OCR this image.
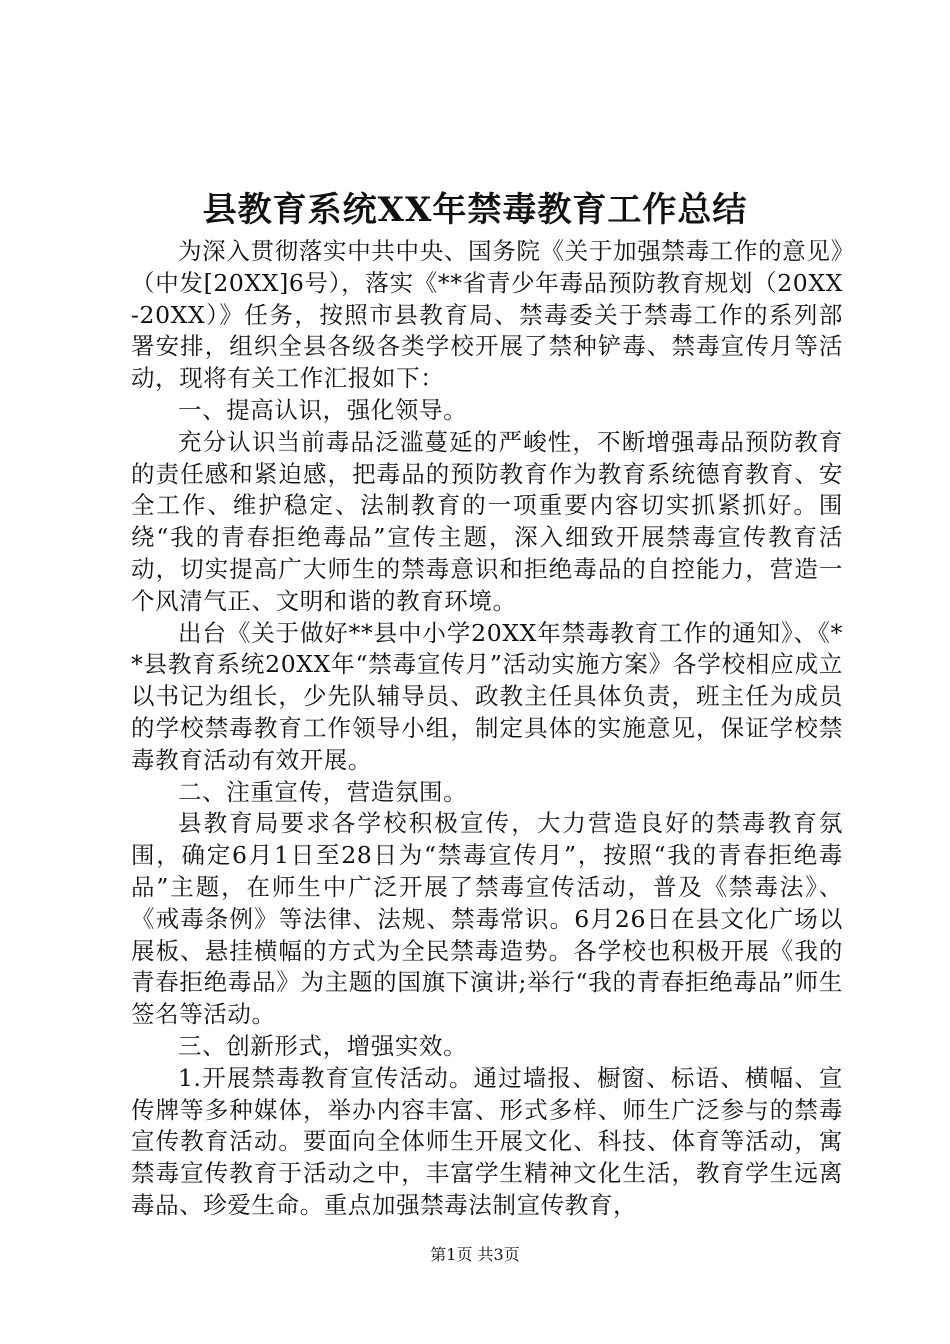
县教育系统XX年禁毒教育工作总结

为深入贯彻落实中共中央、国务院《关于加强禁毒工作的意见》（中发[20XX]6号），落实《**省青少年毒品预防教育规划（20XX-20XX）》任务，按照市县教育局、禁毒委关于禁毒工作的系列部署安排，组织全县各级各类学校开展了禁种铲毒、禁毒宣传月等活动，现将有关工作汇报如下：

一、提高认识，强化领导。

充分认识当前毒品泛滥蔓延的严峻性，不断增强毒品预防教育的责任感和紧迫感，把毒品的预防教育作为教育系统德育教育、安全工作、维护稳定、法制教育的一项重要内容切实抓紧抓好。围绕“我的青春拒绝毒品”宣传主题，深入细致开展禁毒宣传教育活动，切实提高广大师生的禁毒意识和拒绝毒品的自控能力，营造一个风清气正、文明和谐的教育环境。

出台《关于做好**县中小学20XX年禁毒教育工作的通知》、《**县教育系统20XX年“禁毒宣传月”活动实施方案》各学校相应成立以书记为组长，少先队辅导员、政教主任具体负责，班主任为成员的学校禁毒教育工作领导小组，制定具体的实施意见，保证学校禁毒教育活动有效开展。

二、注重宣传，营造氛围。

县教育局要求各学校积极宣传，大力营造良好的禁毒教育氛围，确定6月1日至28日为“禁毒宣传月”，按照“我的青春拒绝毒品”主题，在师生中广泛开展了禁毒宣传活动，普及《禁毒法》、《戒毒条例》等法律、法规、禁毒常识。6月26日在县文化广场以展板、悬挂横幅的方式为全民禁毒造势。各学校也积极开展《我的青春拒绝毒品》为主题的国旗下演讲;举行“我的青春拒绝毒品”师生签名等活动。

三、创新形式，增强实效。

1.开展禁毒教育宣传活动。通过墙报、橱窗、标语、横幅、宣传牌等多种媒体，举办内容丰富、形式多样、师生广泛参与的禁毒宣传教育活动。要面向全体师生开展文化、科技、体育等活动，寓禁毒宣传教育于活动之中，丰富学生精神文化生活，教育学生远离毒品、珍爱生命。重点加强禁毒法制宣传教育，

第1页 共3页
